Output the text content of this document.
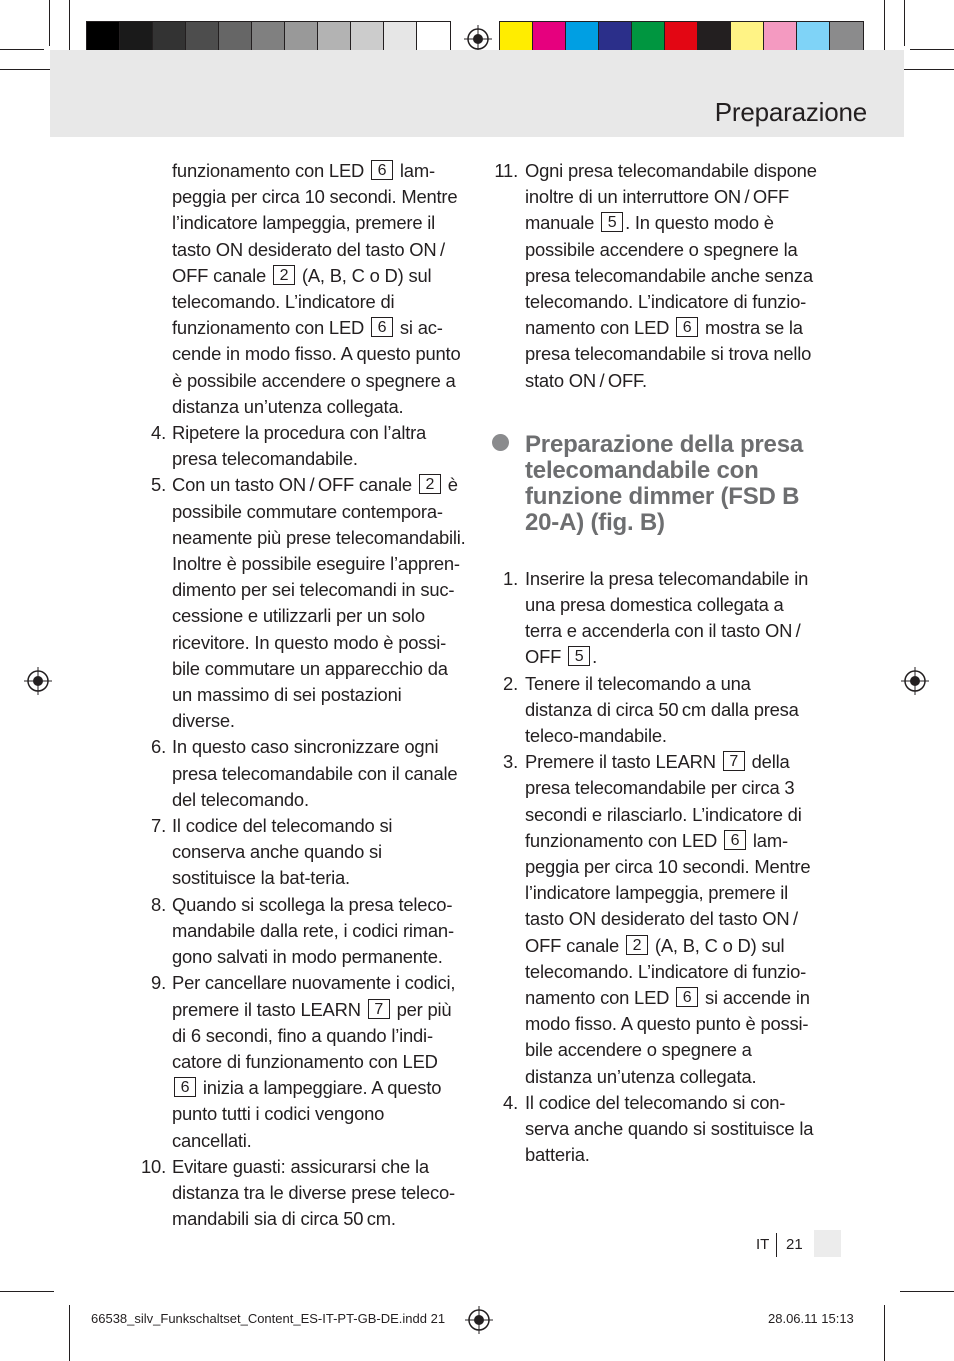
Preparazione
funzionamento con LED 6 lam-peggia per circa 10 secondi. Mentre l’indicatore lampeggia, premere il tasto ON desiderato del tasto ON / OFF canale 2 (A, B, C o D) sul telecomando. L’indicatore di funzionamento con LED 6 si ac-cende in modo fisso. A questo punto è possibile accendere o spegnere a distanza un’utenza collegata.
4. Ripetere la procedura con l’altra presa telecomandabile.
5. Con un tasto ON / OFF canale 2 è possibile commutare contempora-neamente più prese telecomandabili. Inoltre è possibile eseguire l’appren-dimento per sei telecomandi in suc-cessione e utilizzarli per un solo ricevitore. In questo modo è possi-bile commutare un apparecchio da un massimo di sei postazioni diverse.
6. In questo caso sincronizzare ogni presa telecomandabile con il canale del telecomando.
7. Il codice del telecomando si conserva anche quando si sostituisce la bat-teria.
8. Quando si scollega la presa teleco-mandabile dalla rete, i codici riman-gono salvati in modo permanente.
9. Per cancellare nuovamente i codici, premere il tasto LEARN 7 per più di 6 secondi, fino a quando l’indi-catore di funzionamento con LED 6 inizia a lampeggiare. A questo punto tutti i codici vengono cancellati.
10. Evitare guasti: assicurarsi che la distanza tra le diverse prese teleco-mandabili sia di circa 50 cm.
11. Ogni presa telecomandabile dispone inoltre di un interruttore ON / OFF manuale 5 . In questo modo è possibile accendere o spegnere la presa telecomandabile anche senza telecomando. L’indicatore di funzio-namento con LED 6 mostra se la presa telecomandabile si trova nello stato ON / OFF.
Preparazione della presa telecomandabile con funzione dimmer (FSD B 20-A) (fig. B)
1. Inserire la presa telecomandabile in una presa domestica collegata a terra e accenderla con il tasto ON / OFF 5 .
2. Tenere il telecomando a una distanza di circa 50 cm dalla presa teleco-mandabile.
3. Premere il tasto LEARN 7 della presa telecomandabile per circa 3 secondi e rilasciarlo. L’indicatore di funzionamento con LED 6 lam-peggia per circa 10 secondi. Mentre l’indicatore lampeggia, premere il tasto ON desiderato del tasto ON / OFF canale 2 (A, B, C o D) sul telecomando. L’indicatore di funzio-namento con LED 6 si accende in modo fisso. A questo punto è possi-bile accendere o spegnere a distanza un’utenza collegata.
4. Il codice del telecomando si con-serva anche quando si sostituisce la batteria.
IT 21
66538_silv_Funkschaltset_Content_ES-IT-PT-GB-DE.indd 21	28.06.11 15:13
